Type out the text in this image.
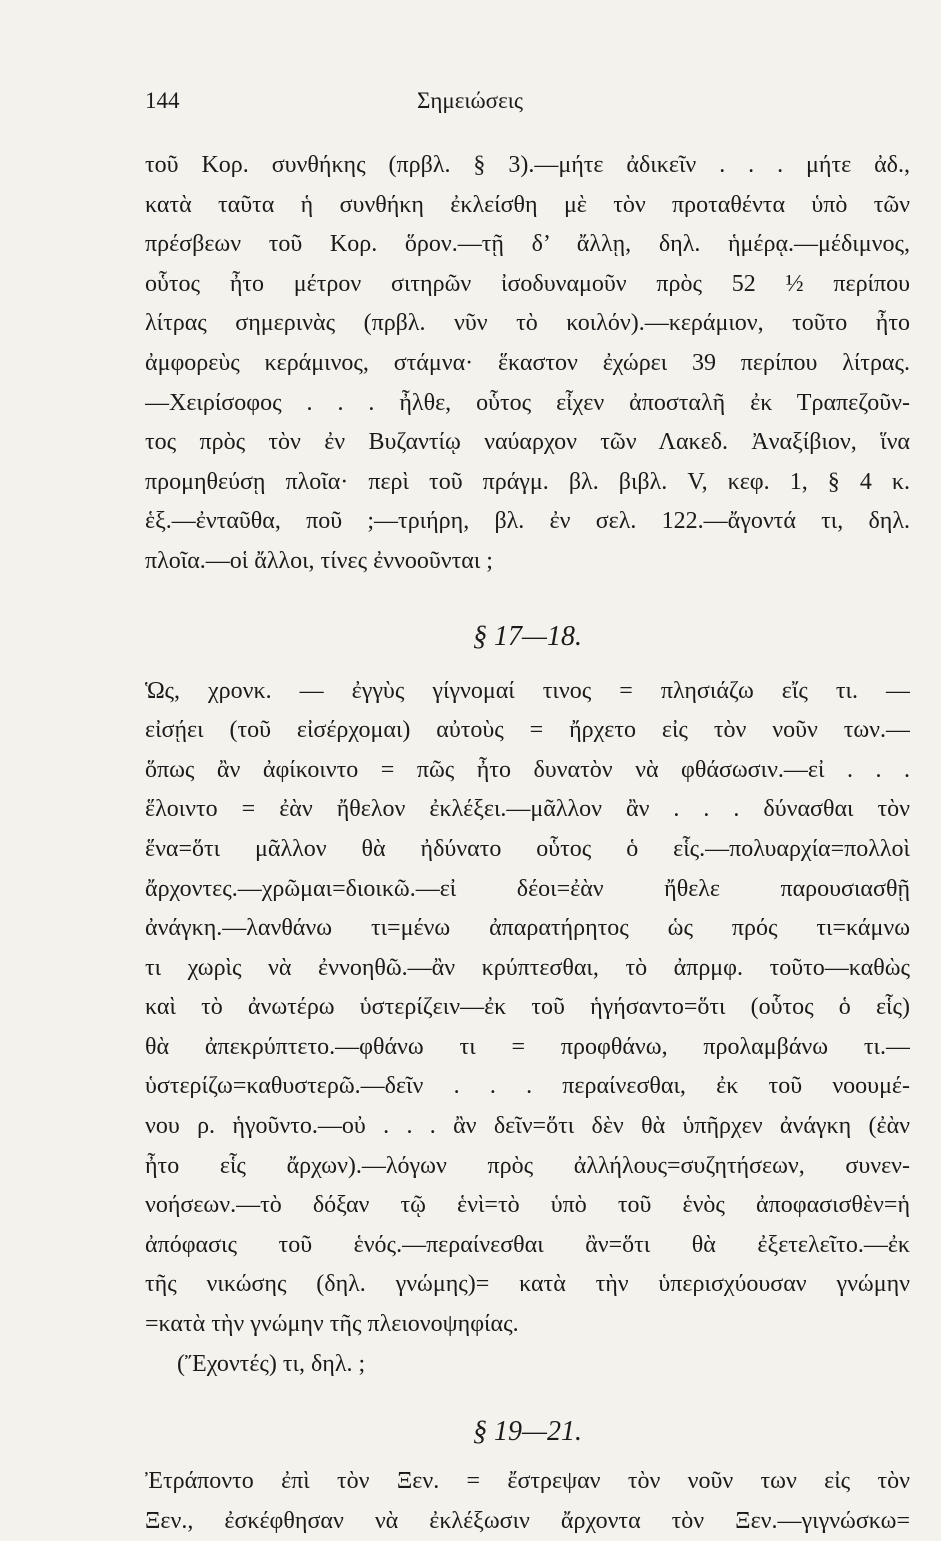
144	Σημειώσεις
τοῦ Κορ. συνθήκης (πρβλ. § 3).—μήτε ἀδικεῖν . . . μήτε ἀδ.,
κατὰ ταῦτα ἡ συνθήκη ἐκλείσθη μὲ τὸν προταθέντα ὑπὸ τῶν
πρέσβεων τοῦ Κορ. ὅρον.—τῇ δ’ ἄλλῃ, δηλ. ἡμέρᾳ.—μέδιμνος,
οὗτος ἦτο μέτρον σιτηρῶν ἰσοδυναμοῦν πρὸς 52 ½ περίπου
λίτρας σημερινὰς (πρβλ. νῦν τὸ κοιλόν).—κεράμιον, τοῦτο ἦτο
ἀμφορεὺς κεράμινος, στάμνα· ἕκαστον ἐχώρει 39 περίπου λίτρας.
—Χειρίσοφος . . . ἦλθε, οὗτος εἶχεν ἀποσταλῆ ἐκ Τραπεζοῦν-
τος πρὸς τὸν ἐν Βυζαντίῳ ναύαρχον τῶν Λακεδ. Ἀναξίβιον, ἵνα
προμηθεύσῃ πλοῖα· περὶ τοῦ πράγμ. βλ. βιβλ. V, κεφ. 1, § 4 κ.
ἑξ.—ἐνταῦθα, ποῦ ;—τριήρη, βλ. ἐν σελ. 122.—ἄγοντά τι, δηλ.
πλοῖα.—οἱ ἄλλοι, τίνες ἐννοοῦνται ;
§ 17—18.
Ὡς, χρονκ. — ἐγγὺς γίγνομαί τινος = πλησιάζω εἴς τι. —
εἰσῄει (τοῦ εἰσέρχομαι) αὐτοὺς = ἤρχετο εἰς τὸν νοῦν των.—
ὅπως ἂν ἀφίκοιντο = πῶς ἦτο δυνατὸν νὰ φθάσωσιν.—εἰ . . .
ἕλοιντο = ἐὰν ἤθελον ἐκλέξει.—μᾶλλον ἂν . . . δύνασθαι τὸν
ἕνα=ὅτι μᾶλλον θὰ ἠδύνατο οὗτος ὁ εἷς.—πολυαρχία=πολλοὶ
ἄρχοντες.—χρῶμαι=διοικῶ.—εἰ δέοι=ἐὰν ἤθελε παρουσιασθῇ
ἀνάγκη.—λανθάνω τι=μένω ἀπαρατήρητος ὡς πρός τι=κάμνω
τι χωρὶς νὰ ἐννοηθῶ.—ἂν κρύπτεσθαι, τὸ ἀπρμφ. τοῦτο—καθὼς
καὶ τὸ ἀνωτέρω ὑστερίζειν—ἐκ τοῦ ἡγήσαντο=ὅτι (οὗτος ὁ εἷς)
θὰ ἀπεκρύπτετο.—φθάνω τι = προφθάνω, προλαμβάνω τι.—
ὑστερίζω=καθυστερῶ.—δεῖν . . . περαίνεσθαι, ἐκ τοῦ νοουμέ-
νου ρ. ἡγοῦντο.—οὐ . . . ἂν δεῖν=ὅτι δὲν θὰ ὑπῆρχεν ἀνάγκη (ἐὰν
ἦτο εἷς ἄρχων).—λόγων πρὸς ἀλλήλους=συζητήσεων, συνεν-
νοήσεων.—τὸ δόξαν τῷ ἑνὶ=τὸ ὑπὸ τοῦ ἑνὸς ἀποφασισθὲν=ἡ
ἀπόφασις τοῦ ἑνός.—περαίνεσθαι ἂν=ὅτι θὰ ἐξετελεῖτο.—ἐκ
τῆς νικώσης (δηλ. γνώμης)= κατὰ τὴν ὑπερισχύουσαν γνώμην
=κατὰ τὴν γνώμην τῆς πλειονοψηφίας.
(Ἔχοντές) τι, δηλ. ;
§ 19—21.
Ἐτράποντο ἐπὶ τὸν Ξεν. = ἔστρεψαν τὸν νοῦν των εἰς τὸν
Ξεν., ἐσκέφθησαν νὰ ἐκλέξωσιν ἄρχοντα τὸν Ξεν.—γιγνώσκω=
